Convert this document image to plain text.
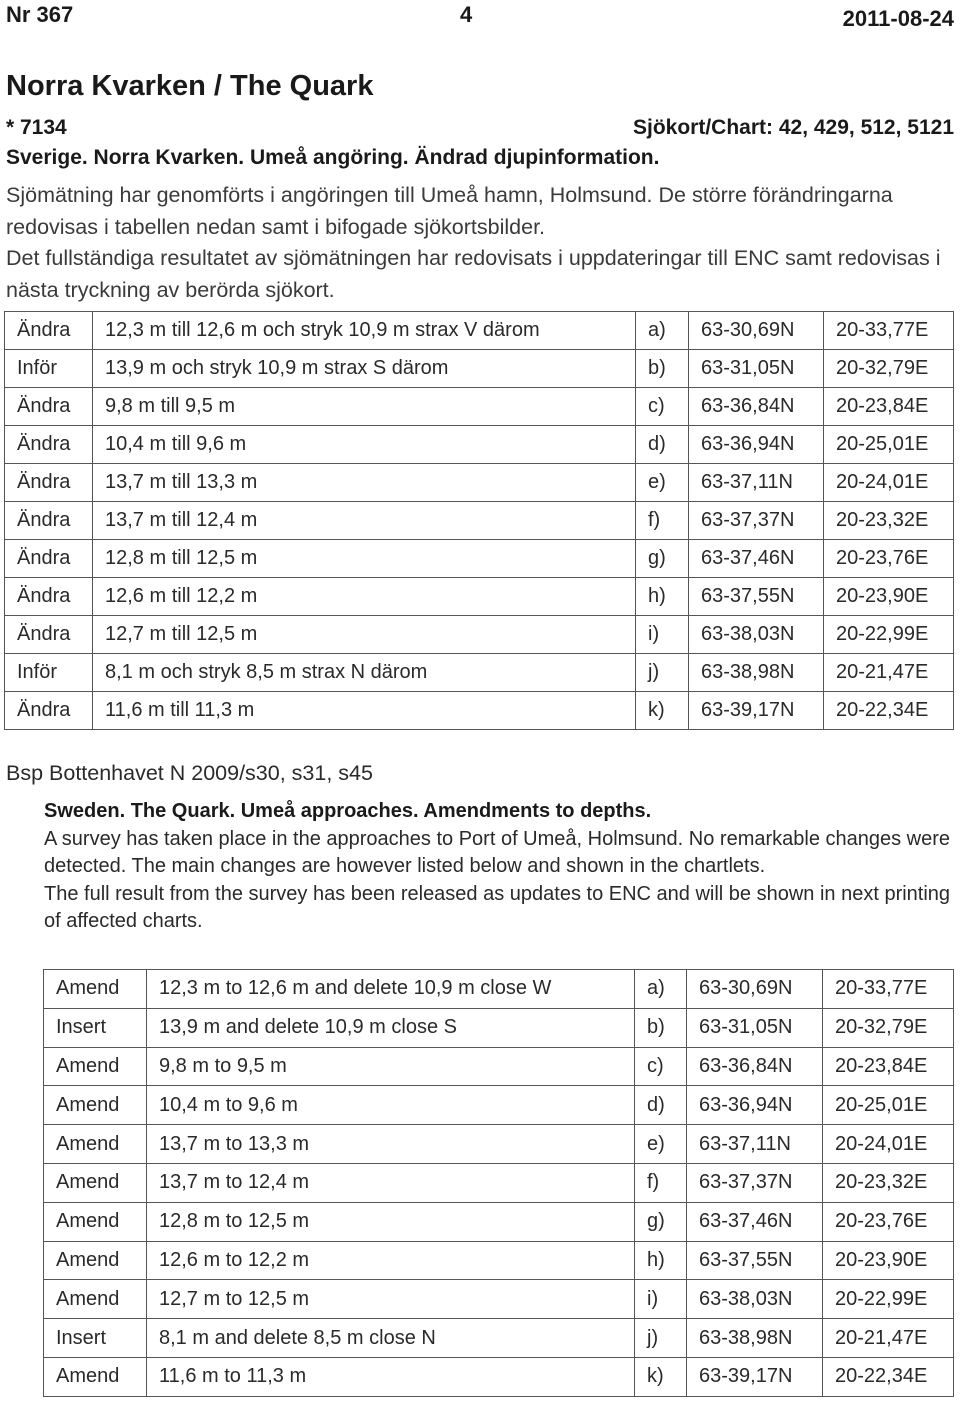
Nr 367	4	2011-08-24
Norra Kvarken / The Quark
* 7134	Sjökort/Chart: 42, 429, 512, 5121
Sverige. Norra Kvarken. Umeå angöring. Ändrad djupinformation.

Sjömätning har genomförts i angöringen till Umeå hamn, Holmsund. De större förändringarna redovisas i tabellen nedan samt i bifogade sjökortsbilder.

Det fullständiga resultatet av sjömätningen har redovisats i uppdateringar till ENC samt redovisas i nästa tryckning av berörda sjökort.

Ändra	12,3 m till 12,6 m och stryk 10,9 m strax V därom	a)	63-30,69N	20-33,77E
Inför	13,9 m och stryk 10,9 m strax S därom	b)	63-31,05N	20-32,79E
Ändra	9,8 m till 9,5 m	c)	63-36,84N	20-23,84E
Ändra	10,4 m till 9,6 m	d)	63-36,94N	20-25,01E
Ändra	13,7 m till 13,3 m	e)	63-37,11N	20-24,01E
Ändra	13,7 m till 12,4 m	f)	63-37,37N	20-23,32E
Ändra	12,8 m till 12,5 m	g)	63-37,46N	20-23,76E
Ändra	12,6 m till 12,2 m	h)	63-37,55N	20-23,90E
Ändra	12,7 m till 12,5 m	i)	63-38,03N	20-22,99E
Inför	8,1 m och stryk 8,5 m strax N därom	j)	63-38,98N	20-21,47E
Ändra	11,6 m till 11,3 m	k)	63-39,17N	20-22,34E
Bsp Bottenhavet N 2009/s30, s31, s45
Sweden. The Quark. Umeå approaches. Amendments to depths.

A survey has taken place in the approaches to Port of Umeå, Holmsund. No remarkable changes were detected. The main changes are however listed below and shown in the chartlets.

The full result from the survey has been released as updates to ENC and will be shown in next printing of affected charts.

Amend	12,3 m to 12,6 m and delete 10,9 m close W	a)	63-30,69N	20-33,77E
Insert	13,9 m and delete 10,9 m close S	b)	63-31,05N	20-32,79E
Amend	9,8 m to 9,5 m	c)	63-36,84N	20-23,84E
Amend	10,4 m to 9,6 m	d)	63-36,94N	20-25,01E
Amend	13,7 m to 13,3 m	e)	63-37,11N	20-24,01E
Amend	13,7 m to 12,4 m	f)	63-37,37N	20-23,32E
Amend	12,8 m to 12,5 m	g)	63-37,46N	20-23,76E
Amend	12,6 m to 12,2 m	h)	63-37,55N	20-23,90E
Amend	12,7 m to 12,5 m	i)	63-38,03N	20-22,99E
Insert	8,1 m and delete 8,5 m close N	j)	63-38,98N	20-21,47E
Amend	11,6 m to 11,3 m	k)	63-39,17N	20-22,34E
